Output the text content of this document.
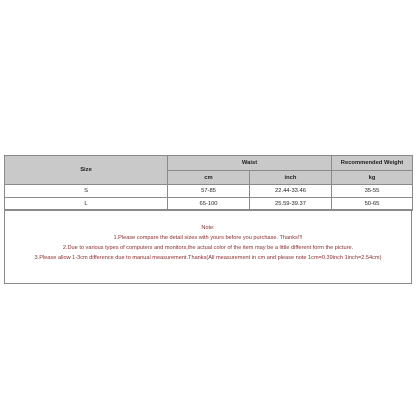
Size	Waist		Recommended Weight
	cm	inch	kg
S	57-85	22.44-33.46	35-55
L	65-100	25.59-39.37	50-65
Note:
1.Please compare the detail sizes with yours before you purchase. Thanks!!!
2.Due to various types of computers and monitors,the actual color of the item may be a little different form the picture.
3.Please allow 1-3cm difference due to manual measurement.Thanks(All measurement in cm and please note 1cm=0.39inch 1inch=2.54cm)
